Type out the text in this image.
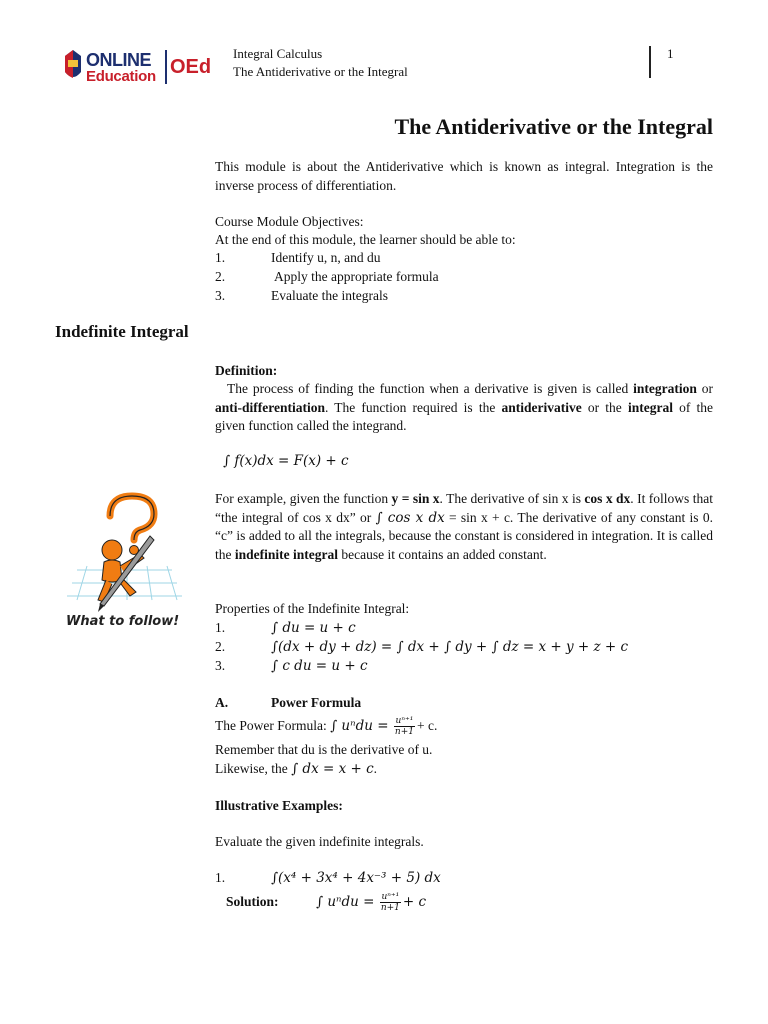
ONLINE
Education OEd
Integral Calculus
The Antiderivative or the Integral
1
The Antiderivative or the Integral
This module is about the Antiderivative which is known as integral. Integration is the inverse process of differentiation.
Course Module Objectives:
At the end of this module, the learner should be able to:
1.	Identify u, n, and du
2.	Apply the appropriate formula
3.	Evaluate the integrals
Indefinite Integral
Definition:
The process of finding the function when a derivative is given is called integration or anti-differentiation. The function required is the antiderivative or the integral of the given function called the integrand.
∫ f(x)dx = F(x) + c
What to follow!
For example, given the function y = sin x. The derivative of sin x is cos x dx. It follows that “the integral of cos x dx” or ∫ cos x dx = sin x + c. The derivative of any constant is 0. “c” is added to all the integrals, because the constant is considered in integration. It is called the indefinite integral because it contains an added constant.
Properties of the Indefinite Integral:
1.	∫ du = u + c
2.	∫(dx + dy + dz) = ∫ dx + ∫ dy + ∫ dz = x + y + z + c
3.	∫ c du = u + c
A.	Power Formula
The Power Formula: ∫ $u^ndu = \frac{\text{uⁿ⁺¹}}{n+1} + c$.
Remember that du is the derivative of u.
Likewise, the ∫ dx = x + c.
Illustrative Examples:
Evaluate the given indefinite integrals.
1.	∫(x⁴ + 3x⁴ + 4x⁻³ + 5) dx
Solution:	∫ $u^ndu = \frac{\text{uⁿ⁺¹}}{n+1} + c$
